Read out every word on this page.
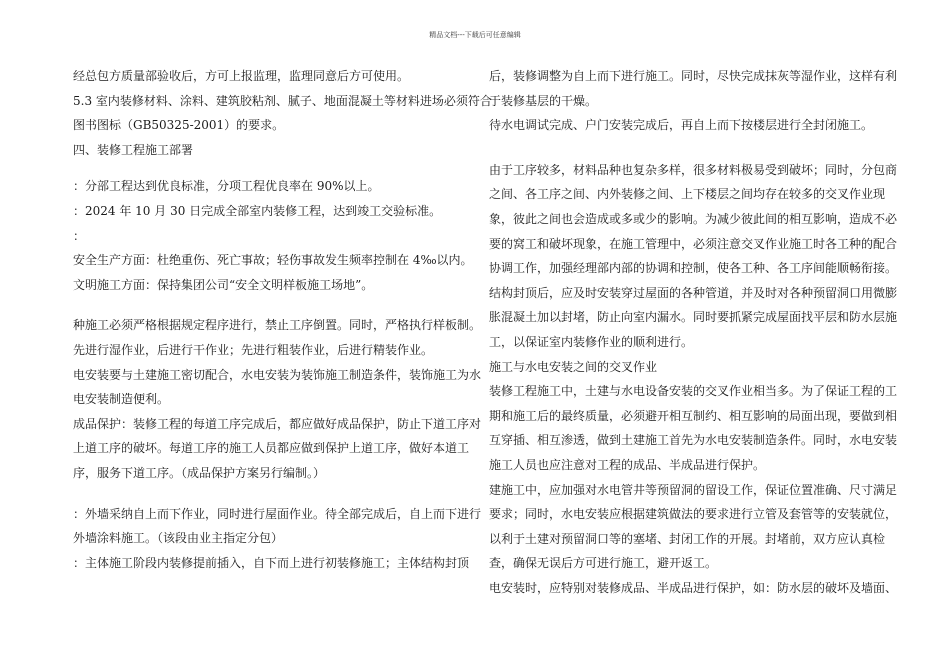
精品文档---下载后可任意编辑
经总包方质量部验收后，方可上报监理，监理同意后方可使用。
5.3 室内装修材料、涂料、建筑胶粘剂、腻子、地面混凝土等材料进场必须符合
图书图标（GB50325-2001）的要求。
四、装修工程施工部署
：分部工程达到优良标准，分项工程优良率在 90%以上。
：2024 年 10 月 30 日完成全部室内装修工程，达到竣工交验标准。
：
安全生产方面：杜绝重伤、死亡事故；轻伤事故发生频率控制在 4‰以内。
文明施工方面：保持集团公司“安全文明样板施工场地”。
种施工必须严格根据规定程序进行，禁止工序倒置。同时，严格执行样板制。
先进行湿作业，后进行干作业；先进行粗装作业，后进行精装作业。
电安装要与土建施工密切配合，水电安装为装饰施工制造条件，装饰施工为水
电安装制造便利。
成品保护：装修工程的每道工序完成后，都应做好成品保护，防止下道工序对
上道工序的破坏。每道工序的施工人员都应做到保护上道工序，做好本道工
序，服务下道工序。（成品保护方案另行编制。）
：外墙采纳自上而下作业，同时进行屋面作业。待全部完成后，自上而下进行
外墙涂料施工。（该段由业主指定分包）
：主体施工阶段内装修提前插入，自下而上进行初装修施工；主体结构封顶
后，装修调整为自上而下进行施工。同时，尽快完成抹灰等湿作业，这样有利
于装修基层的干燥。
待水电调试完成、户门安装完成后，再自上而下按楼层进行全封闭施工。
由于工序较多，材料品种也复杂多样，很多材料极易受到破坏；同时，分包商
之间、各工序之间、内外装修之间、上下楼层之间均存在较多的交叉作业现
象，彼此之间也会造成或多或少的影响。为减少彼此间的相互影响，造成不必
要的窝工和破坏现象，在施工管理中，必须注意交叉作业施工时各工种的配合
协调工作，加强经理部内部的协调和控制，使各工种、各工序间能顺畅衔接。
结构封顶后，应及时安装穿过屋面的各种管道，并及时对各种预留洞口用微膨
胀混凝土加以封堵，防止向室内漏水。同时要抓紧完成屋面找平层和防水层施
工，以保证室内装修作业的顺利进行。
施工与水电安装之间的交叉作业
装修工程施工中，土建与水电设备安装的交叉作业相当多。为了保证工程的工
期和施工后的最终质量，必须避开相互制约、相互影响的局面出现，要做到相
互穿插、相互渗透，做到土建施工首先为水电安装制造条件。同时，水电安装
施工人员也应注意对工程的成品、半成品进行保护。
建施工中，应加强对水电管井等预留洞的留设工作，保证位置准确、尺寸满足
要求；同时，水电安装应根据建筑做法的要求进行立管及套管等的安装就位，
以利于土建对预留洞口等的塞堵、封闭工作的开展。封堵前，双方应认真检
查，确保无误后方可进行施工，避开返工。
电安装时，应特别对装修成品、半成品进行保护，如：防水层的破坏及墙面、
